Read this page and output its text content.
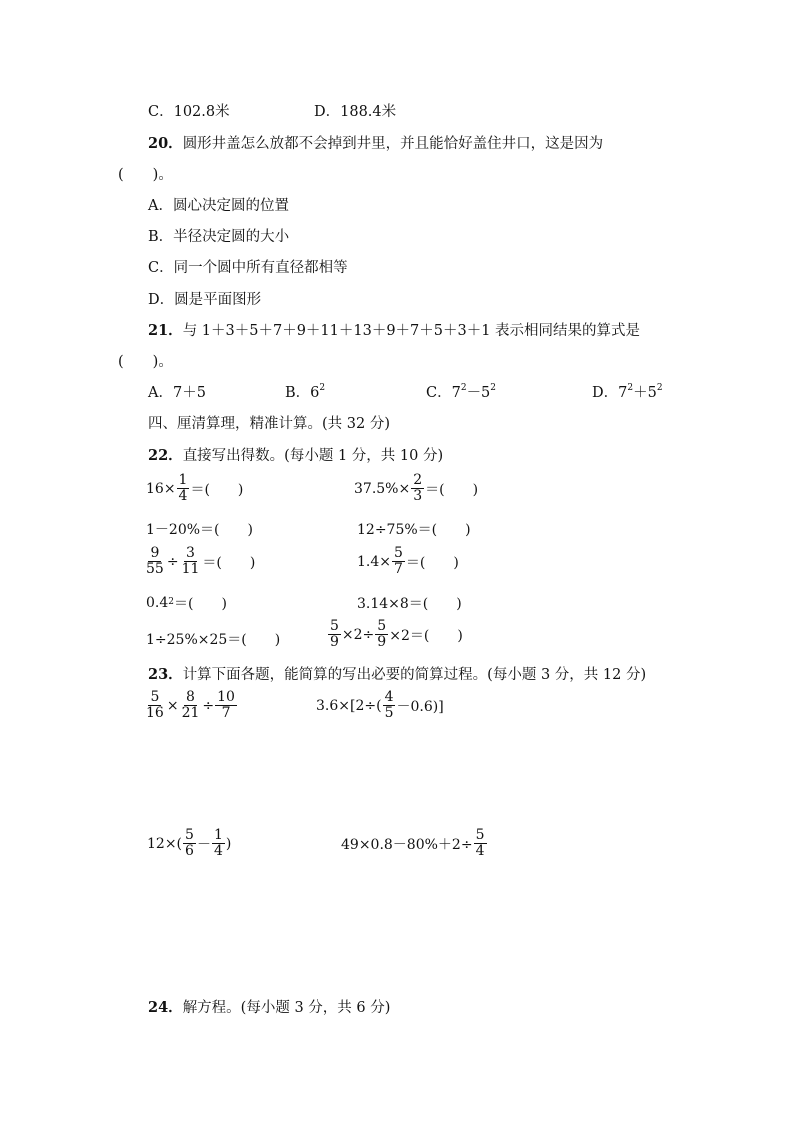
C．102.8米	D．188.4米
20．圆形井盖怎么放都不会掉到井里，并且能恰好盖住井口，这是因为
(　　)。
A．圆心决定圆的位置
B．半径决定圆的大小
C．同一个圆中所有直径都相等
D．圆是平面图形
21．与 1＋3＋5＋7＋9＋11＋13＋9＋7＋5＋3＋1 表示相同结果的算式是
(　　)。
A．7＋5	B．$6^2$	C．$7^2-5^2$	D．$7^2+5^2$
四、厘清算理，精准计算。(共 32 分)
22．直接写出得数。(每小题 1 分，共 10 分)
$16\times \frac{1}{4}$ ＝(　　)	$37.5\%\times \frac{2}{3}$ ＝(　　)
1－20%＝(　　)	12÷75%＝(　　)
$\frac{9}{55} \div \frac{3}{11}$ ＝(　　)	$1.4\times \frac{5}{7}$ ＝(　　)
$0.4^2$ ＝(　　)	3.14×8＝(　　)
1÷25%×25＝(　　)	$\frac{5}{9} \times 2\div \frac{5}{9} \times 2=$(　　)
23．计算下面各题，能简算的写出必要的简算过程。(每小题 3 分，共 12 分)
$\frac{5}{16} \times \frac{8}{21} \div \frac{10}{7}$	$3.6\times[2\div( \frac{4}{5} -0.6)]$
$12\times( \frac{5}{6} - \frac{1}{4}$ )	$49\times 0.8-80\%+2\div \frac{5}{4}$
24．解方程。(每小题 3 分，共 6 分)
